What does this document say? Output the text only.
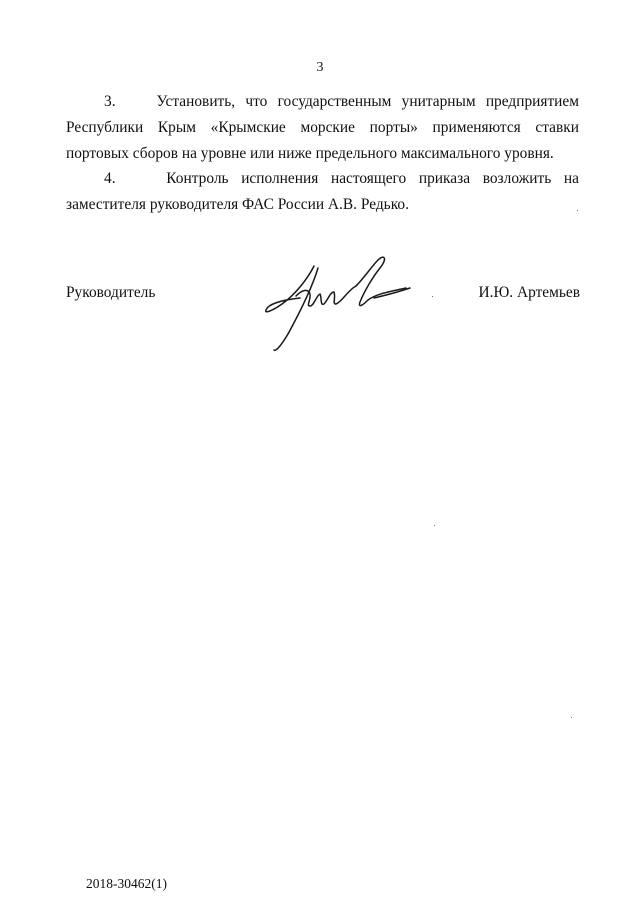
3

3.	Установить, что государственным унитарным предприятием Республики Крым «Крымские морские порты» применяются ставки портовых сборов на уровне или ниже предельного максимального уровня.

4.	Контроль исполнения настоящего приказа возложить на заместителя руководителя ФАС России А.В. Редько.

Руководитель	И.Ю. Артемьев
2018-30462(1)
